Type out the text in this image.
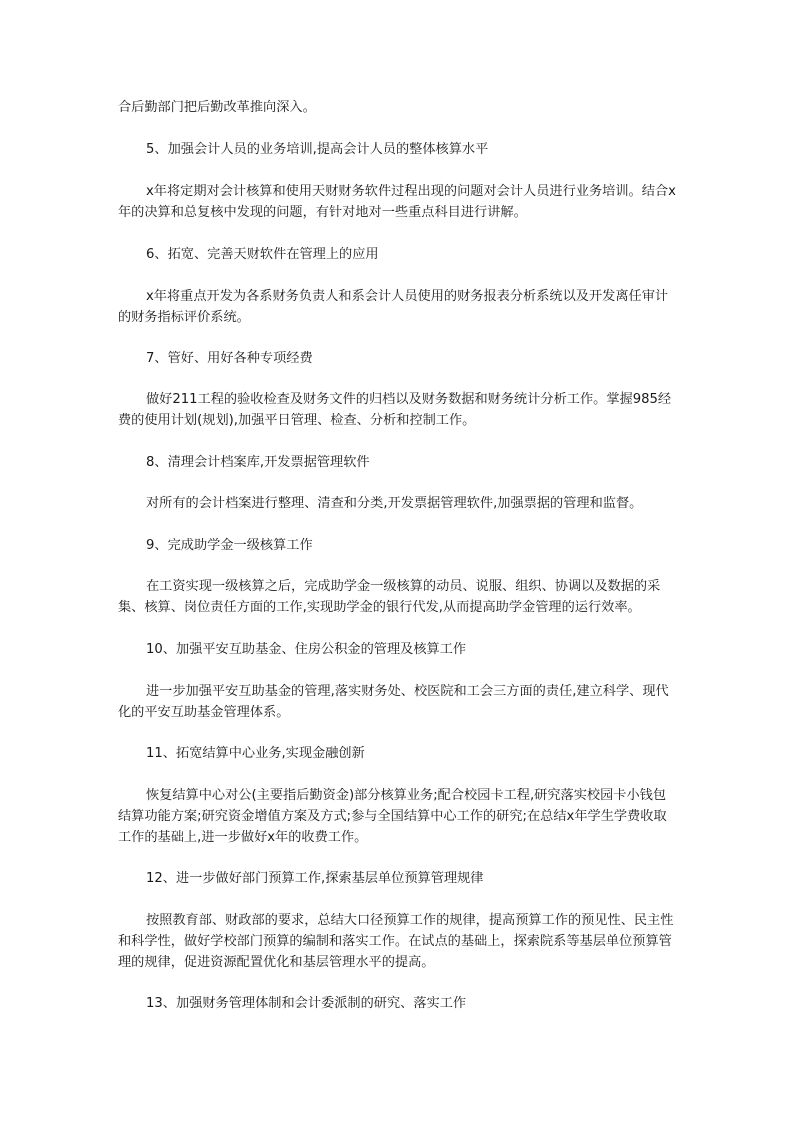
合后勤部门把后勤改革推向深入。

5、加强会计人员的业务培训,提高会计人员的整体核算水平

x年将定期对会计核算和使用天财财务软件过程出现的问题对会计人员进行业务培训。结合x年的决算和总复核中发现的问题，有针对地对一些重点科目进行讲解。

6、拓宽、完善天财软件在管理上的应用

x年将重点开发为各系财务负责人和系会计人员使用的财务报表分析系统以及开发离任审计的财务指标评价系统。

7、管好、用好各种专项经费

做好211工程的验收检查及财务文件的归档以及财务数据和财务统计分析工作。掌握985经费的使用计划(规划),加强平日管理、检查、分析和控制工作。

8、清理会计档案库,开发票据管理软件

对所有的会计档案进行整理、清查和分类,开发票据管理软件,加强票据的管理和监督。

9、完成助学金一级核算工作

在工资实现一级核算之后，完成助学金一级核算的动员、说服、组织、协调以及数据的采集、核算、岗位责任方面的工作,实现助学金的银行代发,从而提高助学金管理的运行效率。

10、加强平安互助基金、住房公积金的管理及核算工作

进一步加强平安互助基金的管理,落实财务处、校医院和工会三方面的责任,建立科学、现代化的平安互助基金管理体系。

11、拓宽结算中心业务,实现金融创新

恢复结算中心对公(主要指后勤资金)部分核算业务;配合校园卡工程,研究落实校园卡小钱包结算功能方案;研究资金增值方案及方式;参与全国结算中心工作的研究;在总结x年学生学费收取工作的基础上,进一步做好x年的收费工作。

12、进一步做好部门预算工作,探索基层单位预算管理规律

按照教育部、财政部的要求，总结大口径预算工作的规律，提高预算工作的预见性、民主性和科学性，做好学校部门预算的编制和落实工作。在试点的基础上，探索院系等基层单位预算管理的规律，促进资源配置优化和基层管理水平的提高。

13、加强财务管理体制和会计委派制的研究、落实工作
